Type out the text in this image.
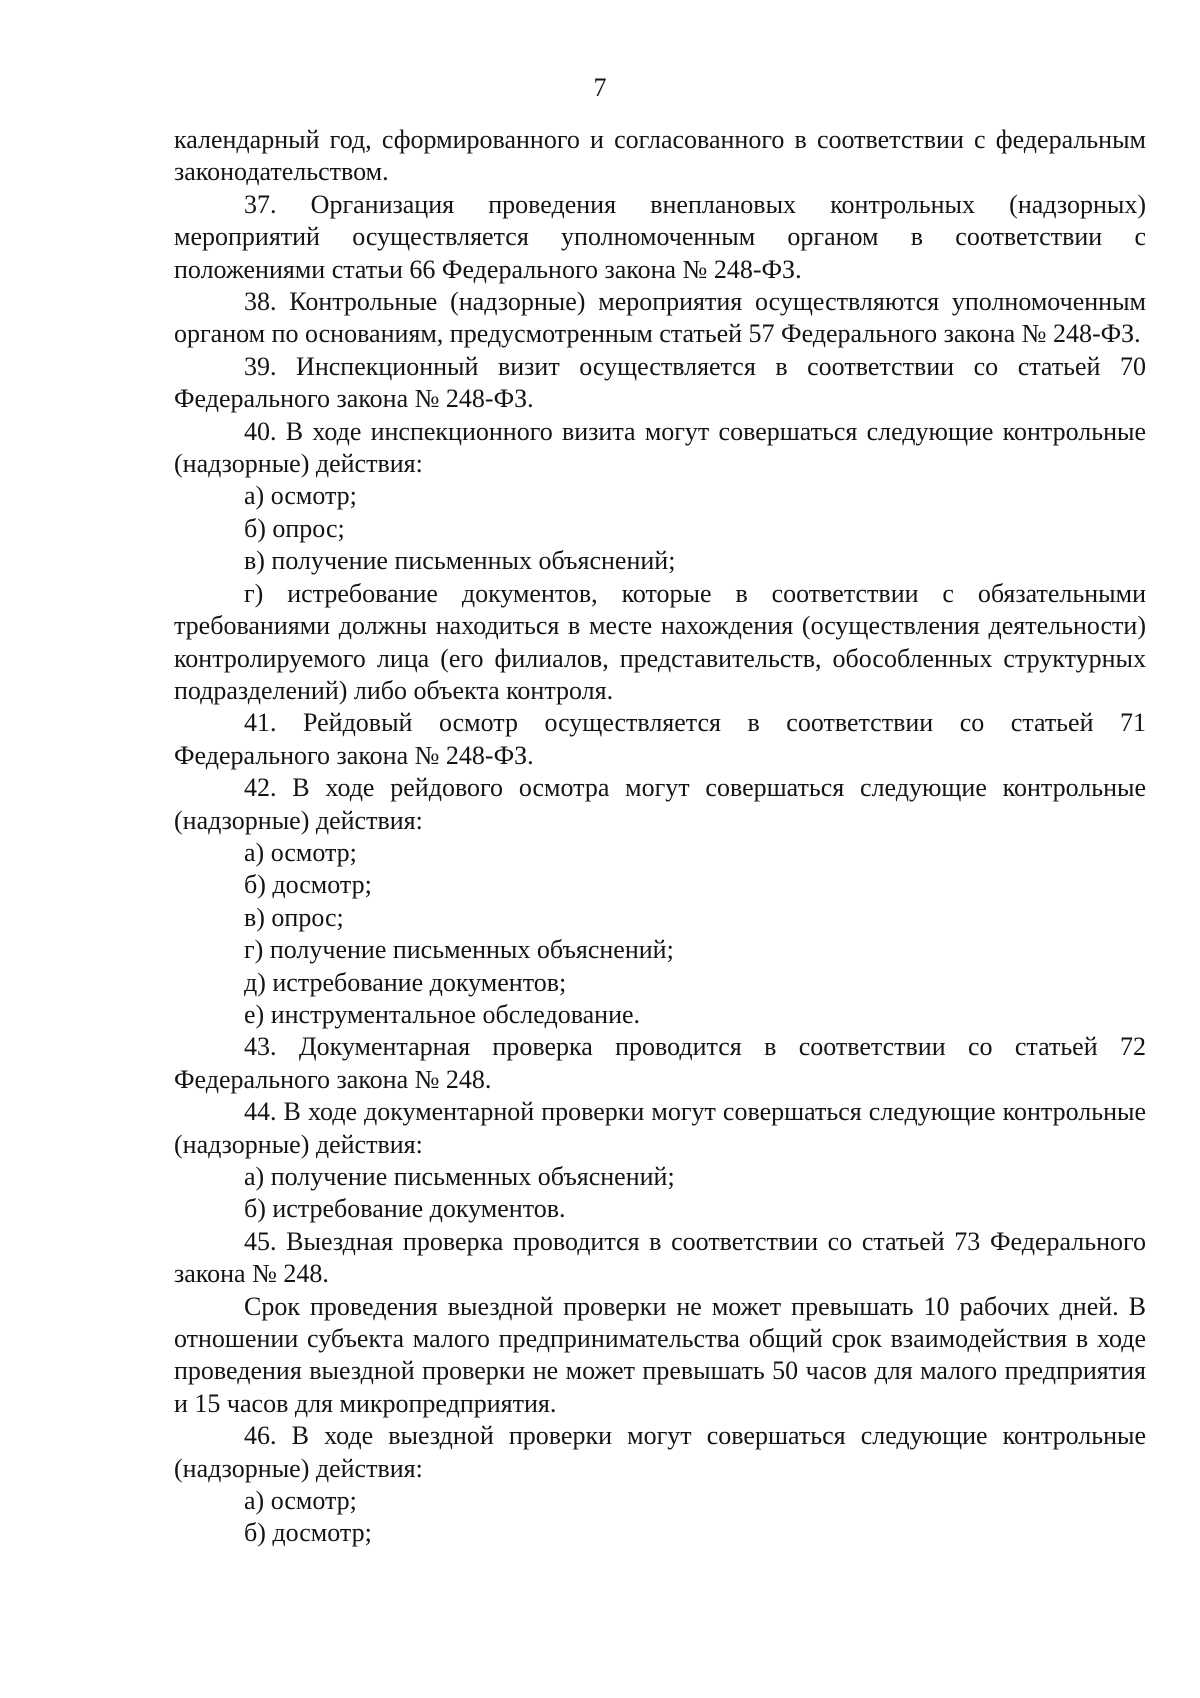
7

календарный год, сформированного и согласованного в соответствии с федеральным законодательством.

37. Организация проведения внеплановых контрольных (надзорных) мероприятий осуществляется уполномоченным органом в соответствии с положениями статьи 66 Федерального закона № 248-ФЗ.

38. Контрольные (надзорные) мероприятия осуществляются уполномоченным органом по основаниям, предусмотренным статьей 57 Федерального закона № 248-ФЗ.

39. Инспекционный визит осуществляется в соответствии со статьей 70 Федерального закона № 248-ФЗ.

40. В ходе инспекционного визита могут совершаться следующие контрольные (надзорные) действия:

а) осмотр;

б) опрос;

в) получение письменных объяснений;

г) истребование документов, которые в соответствии с обязательными требованиями должны находиться в месте нахождения (осуществления деятельности) контролируемого лица (его филиалов, представительств, обособленных структурных подразделений) либо объекта контроля.

41. Рейдовый осмотр осуществляется в соответствии со статьей 71 Федерального закона № 248-ФЗ.

42. В ходе рейдового осмотра могут совершаться следующие контрольные (надзорные) действия:

а) осмотр;

б) досмотр;

в) опрос;

г) получение письменных объяснений;

д) истребование документов;

е) инструментальное обследование.

43. Документарная проверка проводится в соответствии со статьей 72 Федерального закона № 248.

44. В ходе документарной проверки могут совершаться следующие контрольные (надзорные) действия:

а) получение письменных объяснений;

б) истребование документов.

45. Выездная проверка проводится в соответствии со статьей 73 Федерального закона № 248.

Срок проведения выездной проверки не может превышать 10 рабочих дней. В отношении субъекта малого предпринимательства общий срок взаимодействия в ходе проведения выездной проверки не может превышать 50 часов для малого предприятия и 15 часов для микропредприятия.

46. В ходе выездной проверки могут совершаться следующие контрольные (надзорные) действия:

а) осмотр;

б) досмотр;
